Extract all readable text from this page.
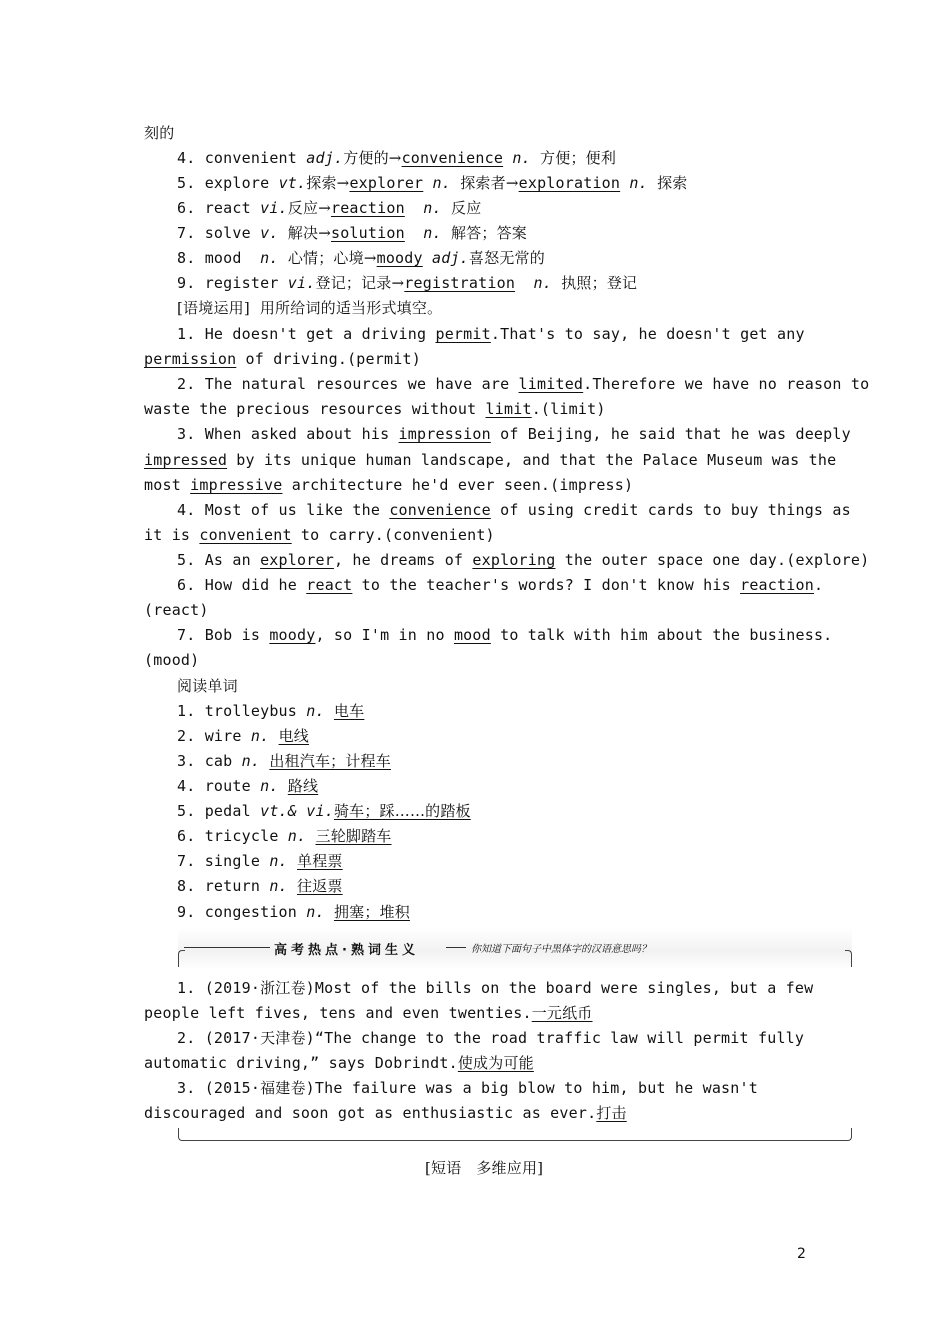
刻的
4. convenient adj.方便的→convenience n. 方便；便利
5. explore vt.探索→explorer n. 探索者→exploration n. 探索
6. react vi.反应→reaction n. 反应
7. solve v. 解决→solution n. 解答；答案
8. mood n. 心情；心境→moody adj.喜怒无常的
9. register vi.登记；记录→registration n. 执照；登记
[语境运用]  用所给词的适当形式填空。
1. He doesn't get a driving permit.That's to say, he doesn't get any
permission of driving.(permit)
2. The natural resources we have are limited.Therefore we have no reason to
waste the precious resources without limit.(limit)
3. When asked about his impression of Beijing, he said that he was deeply
impressed by its unique human landscape, and that the Palace Museum was the
most impressive architecture he'd ever seen.(impress)
4. Most of us like the convenience of using credit cards to buy things as
it is convenient to carry.(convenient)
5. As an explorer, he dreams of exploring the outer space one day.(explore)
6. How did he react to the teacher's words? I don't know his reaction.
(react)
7. Bob is moody, so I'm in no mood to talk with him about the business.
(mood)
阅读单词
1. trolleybus n. 电车
2. wire n. 电线
3. cab n. 出租汽车；计程车
4. route n. 路线
5. pedal vt.& vi.骑车；踩……的踏板
6. tricycle n. 三轮脚踏车
7. single n. 单程票
8. return n. 往返票
9. congestion n. 拥塞；堆积
高考热点·熟词生义	你知道下面句子中黑体字的汉语意思吗？
1. (2019·浙江卷)Most of the bills on the board were singles, but a few
people left fives, tens and even twenties.一元纸币
2. (2017·天津卷)“The change to the road traffic law will permit fully
automatic driving,” says Dobrindt.使成为可能
3. (2015·福建卷)The failure was a big blow to him, but he wasn't
discouraged and soon got as enthusiastic as ever.打击
[短语   多维应用]
2
